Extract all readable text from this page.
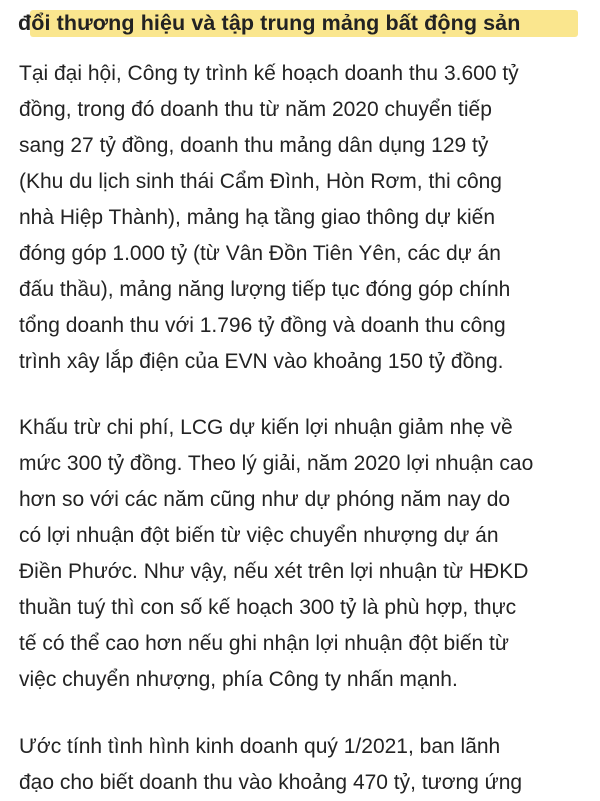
đổi thương hiệu và tập trung mảng bất động sản

Tại đại hội, Công ty trình kế hoạch doanh thu 3.600 tỷ
đồng, trong đó doanh thu từ năm 2020 chuyển tiếp
sang 27 tỷ đồng, doanh thu mảng dân dụng 129 tỷ
(Khu du lịch sinh thái Cẩm Đình, Hòn Rơm, thi công
nhà Hiệp Thành), mảng hạ tầng giao thông dự kiến
đóng góp 1.000 tỷ (từ Vân Đồn Tiên Yên, các dự án
đấu thầu), mảng năng lượng tiếp tục đóng góp chính
tổng doanh thu với 1.796 tỷ đồng và doanh thu công
trình xây lắp điện của EVN vào khoảng 150 tỷ đồng.

Khấu trừ chi phí, LCG dự kiến lợi nhuận giảm nhẹ về
mức 300 tỷ đồng. Theo lý giải, năm 2020 lợi nhuận cao
hơn so với các năm cũng như dự phóng năm nay do
có lợi nhuận đột biến từ việc chuyển nhượng dự án
Điền Phước. Như vậy, nếu xét trên lợi nhuận từ HĐKD
thuần tuý thì con số kế hoạch 300 tỷ là phù hợp, thực
tế có thể cao hơn nếu ghi nhận lợi nhuận đột biến từ
việc chuyển nhượng, phía Công ty nhấn mạnh.

Ước tính tình hình kinh doanh quý 1/2021, ban lãnh
đạo cho biết doanh thu vào khoảng 470 tỷ, tương ứng
